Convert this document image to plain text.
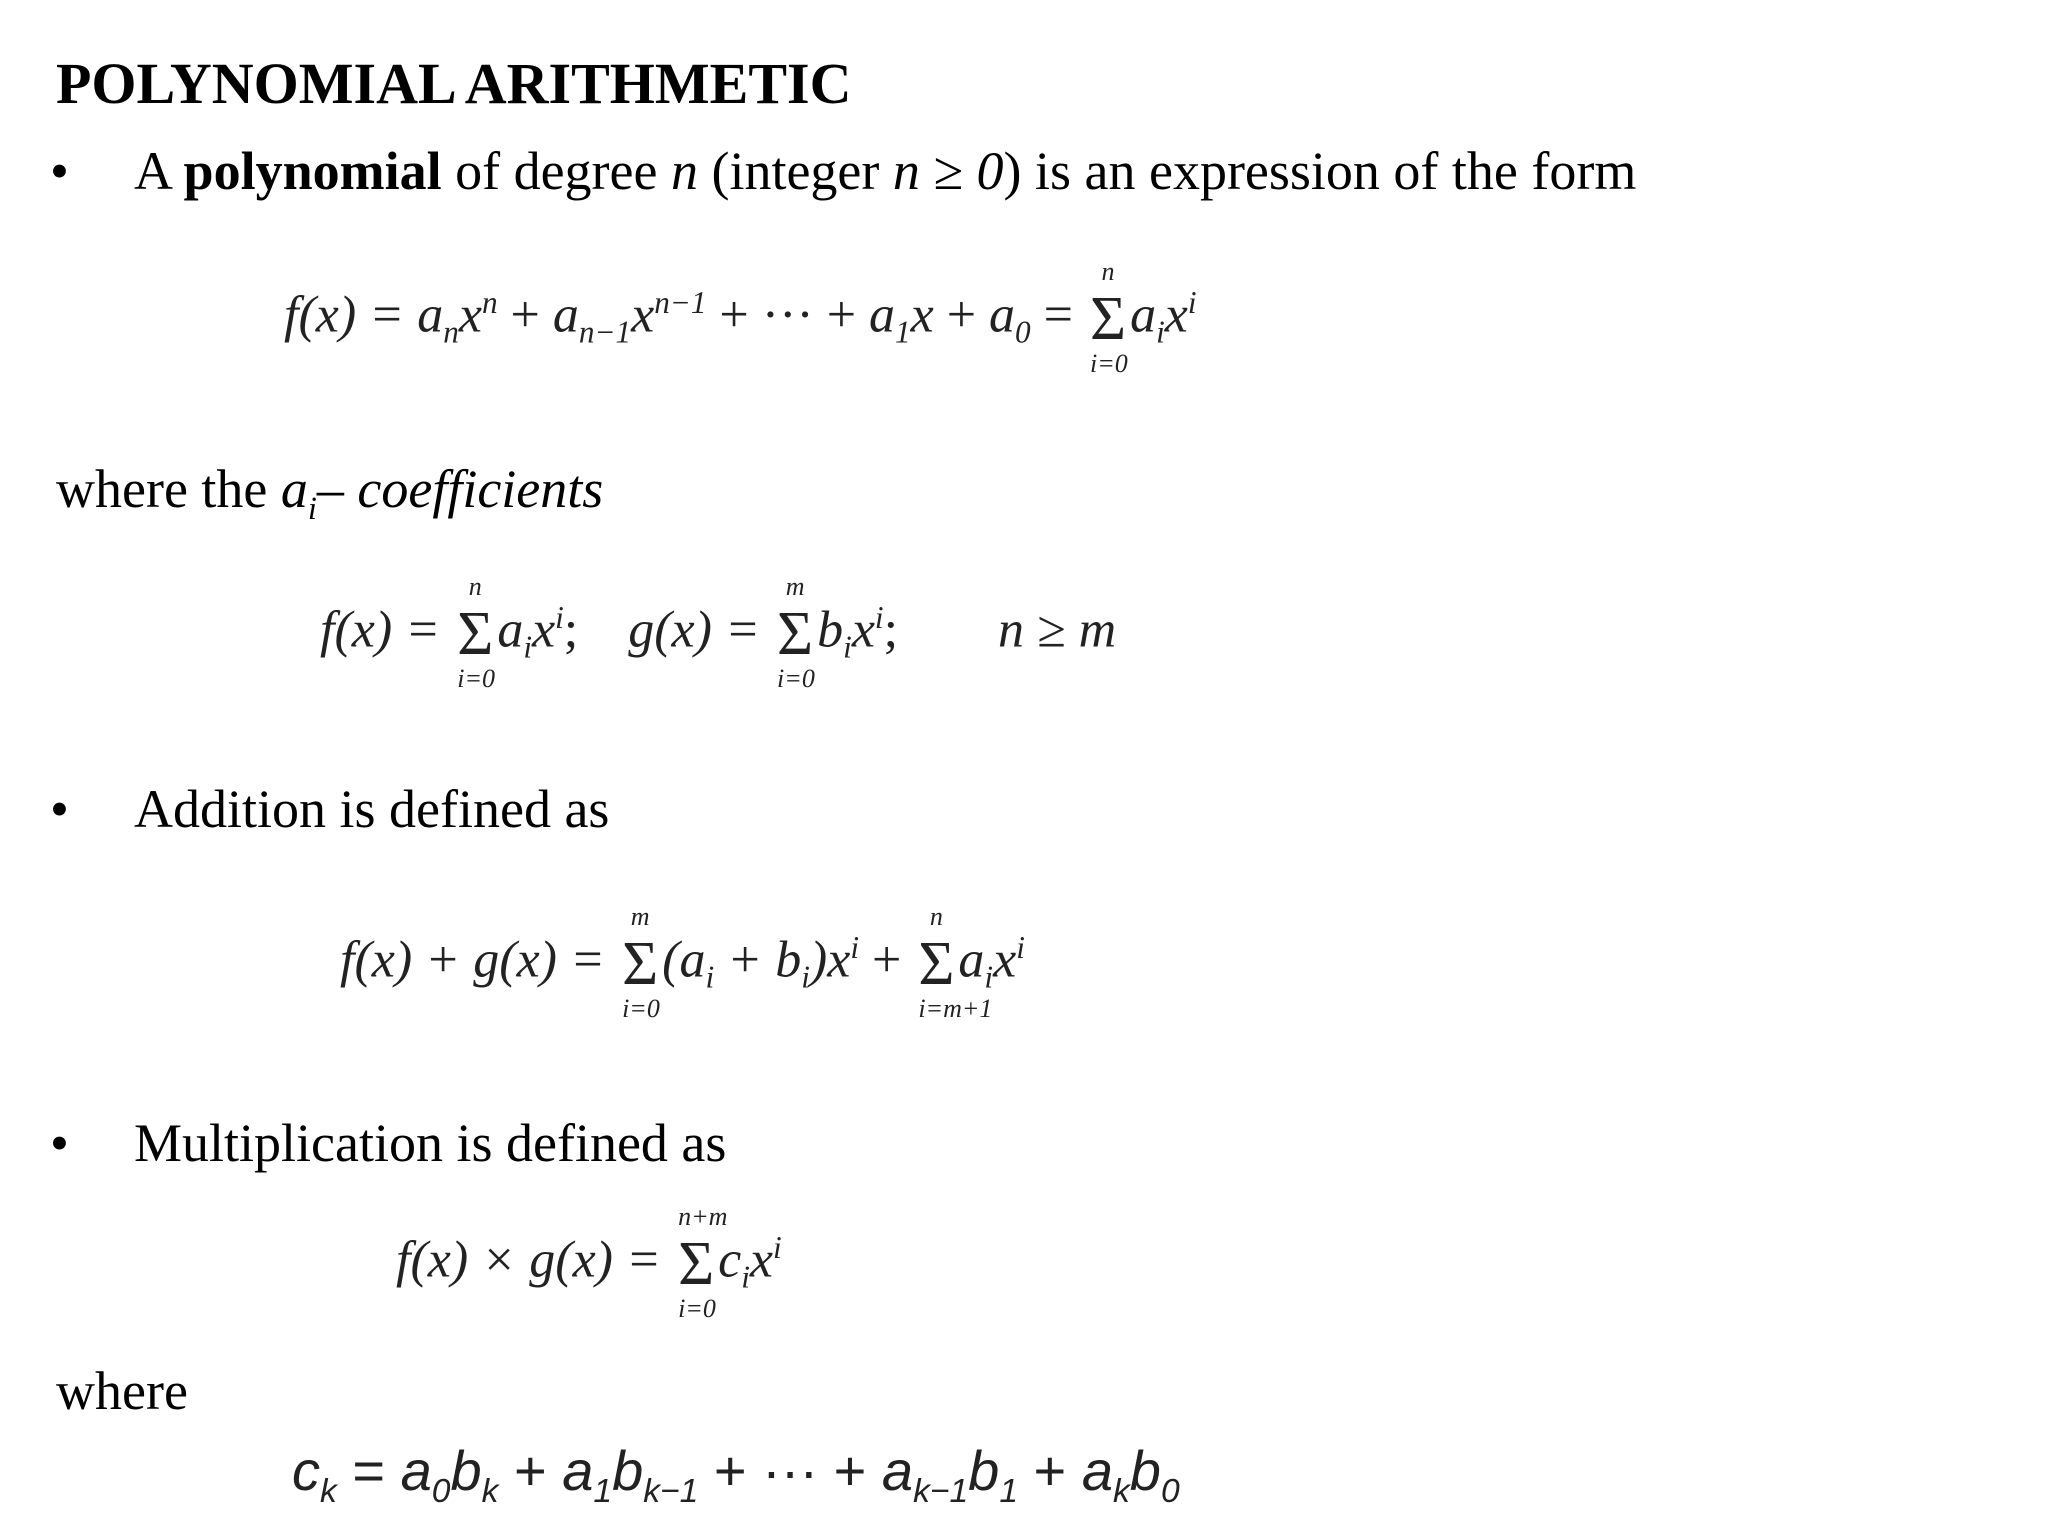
POLYNOMIAL ARITHMETIC
• A polynomial of degree n (integer n ≥ 0) is an expression of the form
$f(x) = a_nx^n + a_{n-1}x^{n-1}$ + ··· + $a_1x + a_0$ =
n
Σ
i=0
$a_ix^i$
where the $a_i-$ coefficients
f(x) =
n
Σ
i=0
$a_ix^i$; g(x) =
m
Σ
i=0
$b_ix^i$; n ≥ m
• Addition is defined as
f(x) + g(x) =
m
Σ
i=0
$(a_i + b_i)x^i$ +
n
Σ
i=m+1
$a_ix^i$
• Multiplication is defined as
f(x) × g(x) =
n+m
Σ
i=0
$c_ix^i$
where
$c_k = a_0b_k + a_1b_{k-1}$ + ··· + $a_{k-1}b_1 + a_kb_0$
